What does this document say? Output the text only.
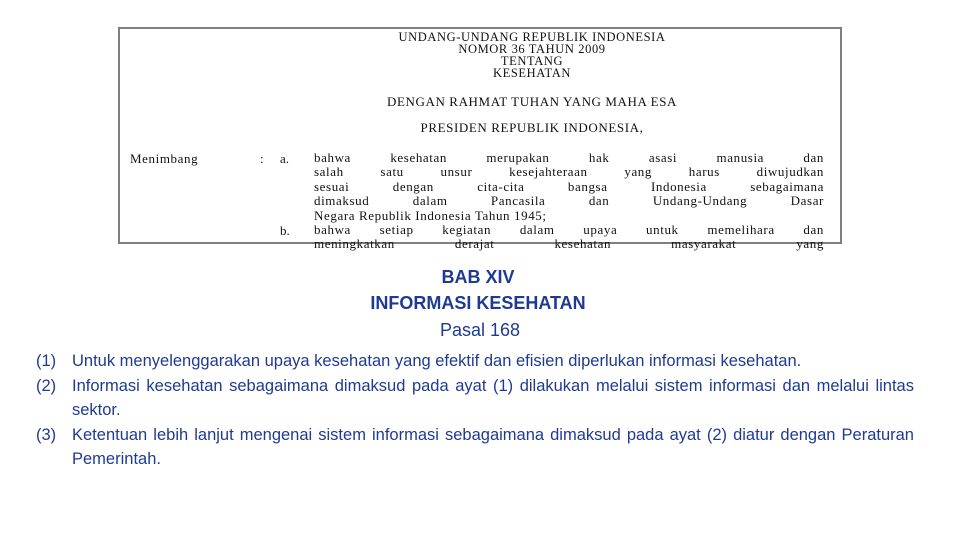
UNDANG-UNDANG REPUBLIK INDONESIA
NOMOR 36 TAHUN 2009
TENTANG
KESEHATAN
DENGAN RAHMAT TUHAN YANG MAHA ESA
PRESIDEN REPUBLIK INDONESIA,
Menimbang	: a.
b.
bahwa kesehatan merupakan hak asasi manusia dan
salah satu unsur kesejahteraan yang harus diwujudkan
sesuai dengan cita-cita bangsa Indonesia sebagaimana
dimaksud dalam Pancasila dan Undang-Undang Dasar
Negara Republik Indonesia Tahun 1945;
bahwa setiap kegiatan dalam upaya untuk memelihara dan
meningkatkan derajat kesehatan masyarakat yang
BAB XIV
INFORMASI KESEHATAN
Pasal 168
(1) Untuk menyelenggarakan upaya kesehatan yang efektif dan efisien diperlukan informasi kesehatan.
(2) Informasi kesehatan sebagaimana dimaksud pada ayat (1) dilakukan melalui sistem informasi dan melalui lintas sektor.
(3) Ketentuan lebih lanjut mengenai sistem informasi sebagaimana dimaksud pada ayat (2) diatur dengan Peraturan Pemerintah.
